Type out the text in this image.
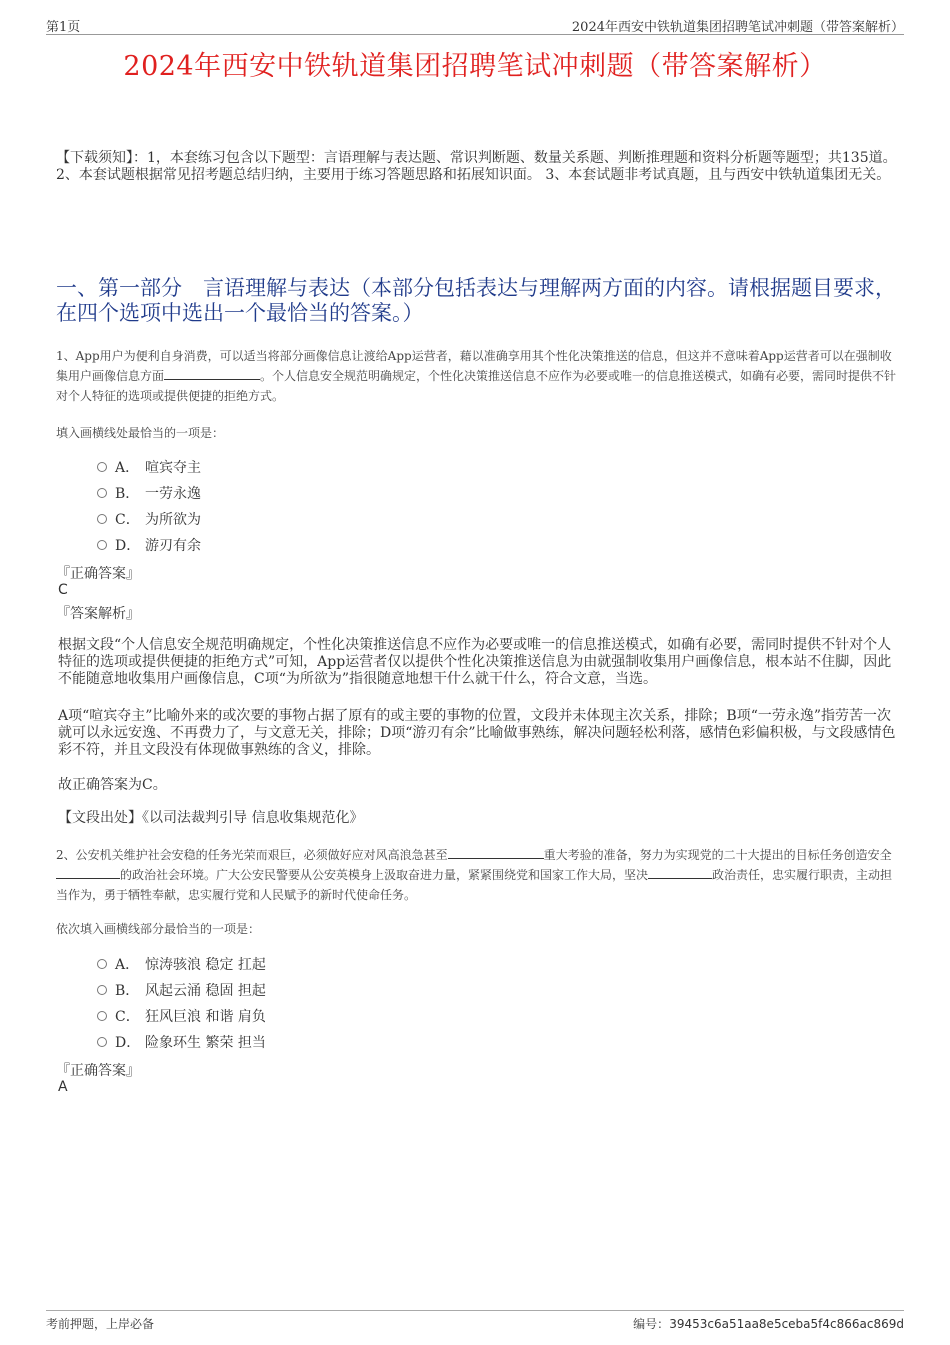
第1页	2024年西安中铁轨道集团招聘笔试冲刺题（带答案解析）
2024年西安中铁轨道集团招聘笔试冲刺题（带答案解析）
【下载须知】：1，本套练习包含以下题型：言语理解与表达题、常识判断题、数量关系题、判断推理题和资料分析题等题型；共135道。 2、本套试题根据常见招考题总结归纳，主要用于练习答题思路和拓展知识面。 3、本套试题非考试真题，且与西安中铁轨道集团无关。
一、第一部分　言语理解与表达（本部分包括表达与理解两方面的内容。请根据题目要求，在四个选项中选出一个最恰当的答案。）
1、App用户为便利自身消费，可以适当将部分画像信息让渡给App运营者，藉以准确享用其个性化决策推送的信息，但这并不意味着App运营者可以在强制收集用户画像信息方面	。个人信息安全规范明确规定，个性化决策推送信息不应作为必要或唯一的信息推送模式，如确有必要，需同时提供不针对个人特征的选项或提供便捷的拒绝方式。
填入画横线处最恰当的一项是：
A． 喧宾夺主
B． 一劳永逸
C． 为所欲为
D． 游刃有余
『正确答案』
C
『答案解析』
根据文段“个人信息安全规范明确规定，个性化决策推送信息不应作为必要或唯一的信息推送模式，如确有必要，需同时提供不针对个人特征的选项或提供便捷的拒绝方式”可知，App运营者仅以提供个性化决策推送信息为由就强制收集用户画像信息，根本站不住脚，因此不能随意地收集用户画像信息，C项“为所欲为”指很随意地想干什么就干什么，符合文意，当选。
A项“喧宾夺主”比喻外来的或次要的事物占据了原有的或主要的事物的位置，文段并未体现主次关系，排除；B项“一劳永逸”指劳苦一次就可以永远安逸、不再费力了，与文意无关，排除；D项“游刃有余”比喻做事熟练，解决问题轻松利落，感情色彩偏积极，与文段感情色彩不符，并且文段没有体现做事熟练的含义，排除。
故正确答案为C。
【文段出处】《以司法裁判引导 信息收集规范化》
2、公安机关维护社会安稳的任务光荣而艰巨，必须做好应对风高浪急甚至	重大考验的准备，努力为实现党的二十大提出的目标任务创造安全的政治社会环境。广大公安民警要从公安英模身上汲取奋进力量，紧紧围绕党和国家工作大局，坚决	政治责任，忠实履行职责，主动担当作为，勇于牺牲奉献，忠实履行党和人民赋予的新时代使命任务。
依次填入画横线部分最恰当的一项是：
A． 惊涛骇浪 稳定 扛起
B． 风起云涌 稳固 担起
C． 狂风巨浪 和谐 肩负
D． 险象环生 繁荣 担当
『正确答案』
A
考前押题，上岸必备	编号：39453c6a51aa8e5ceba5f4c866ac869d
